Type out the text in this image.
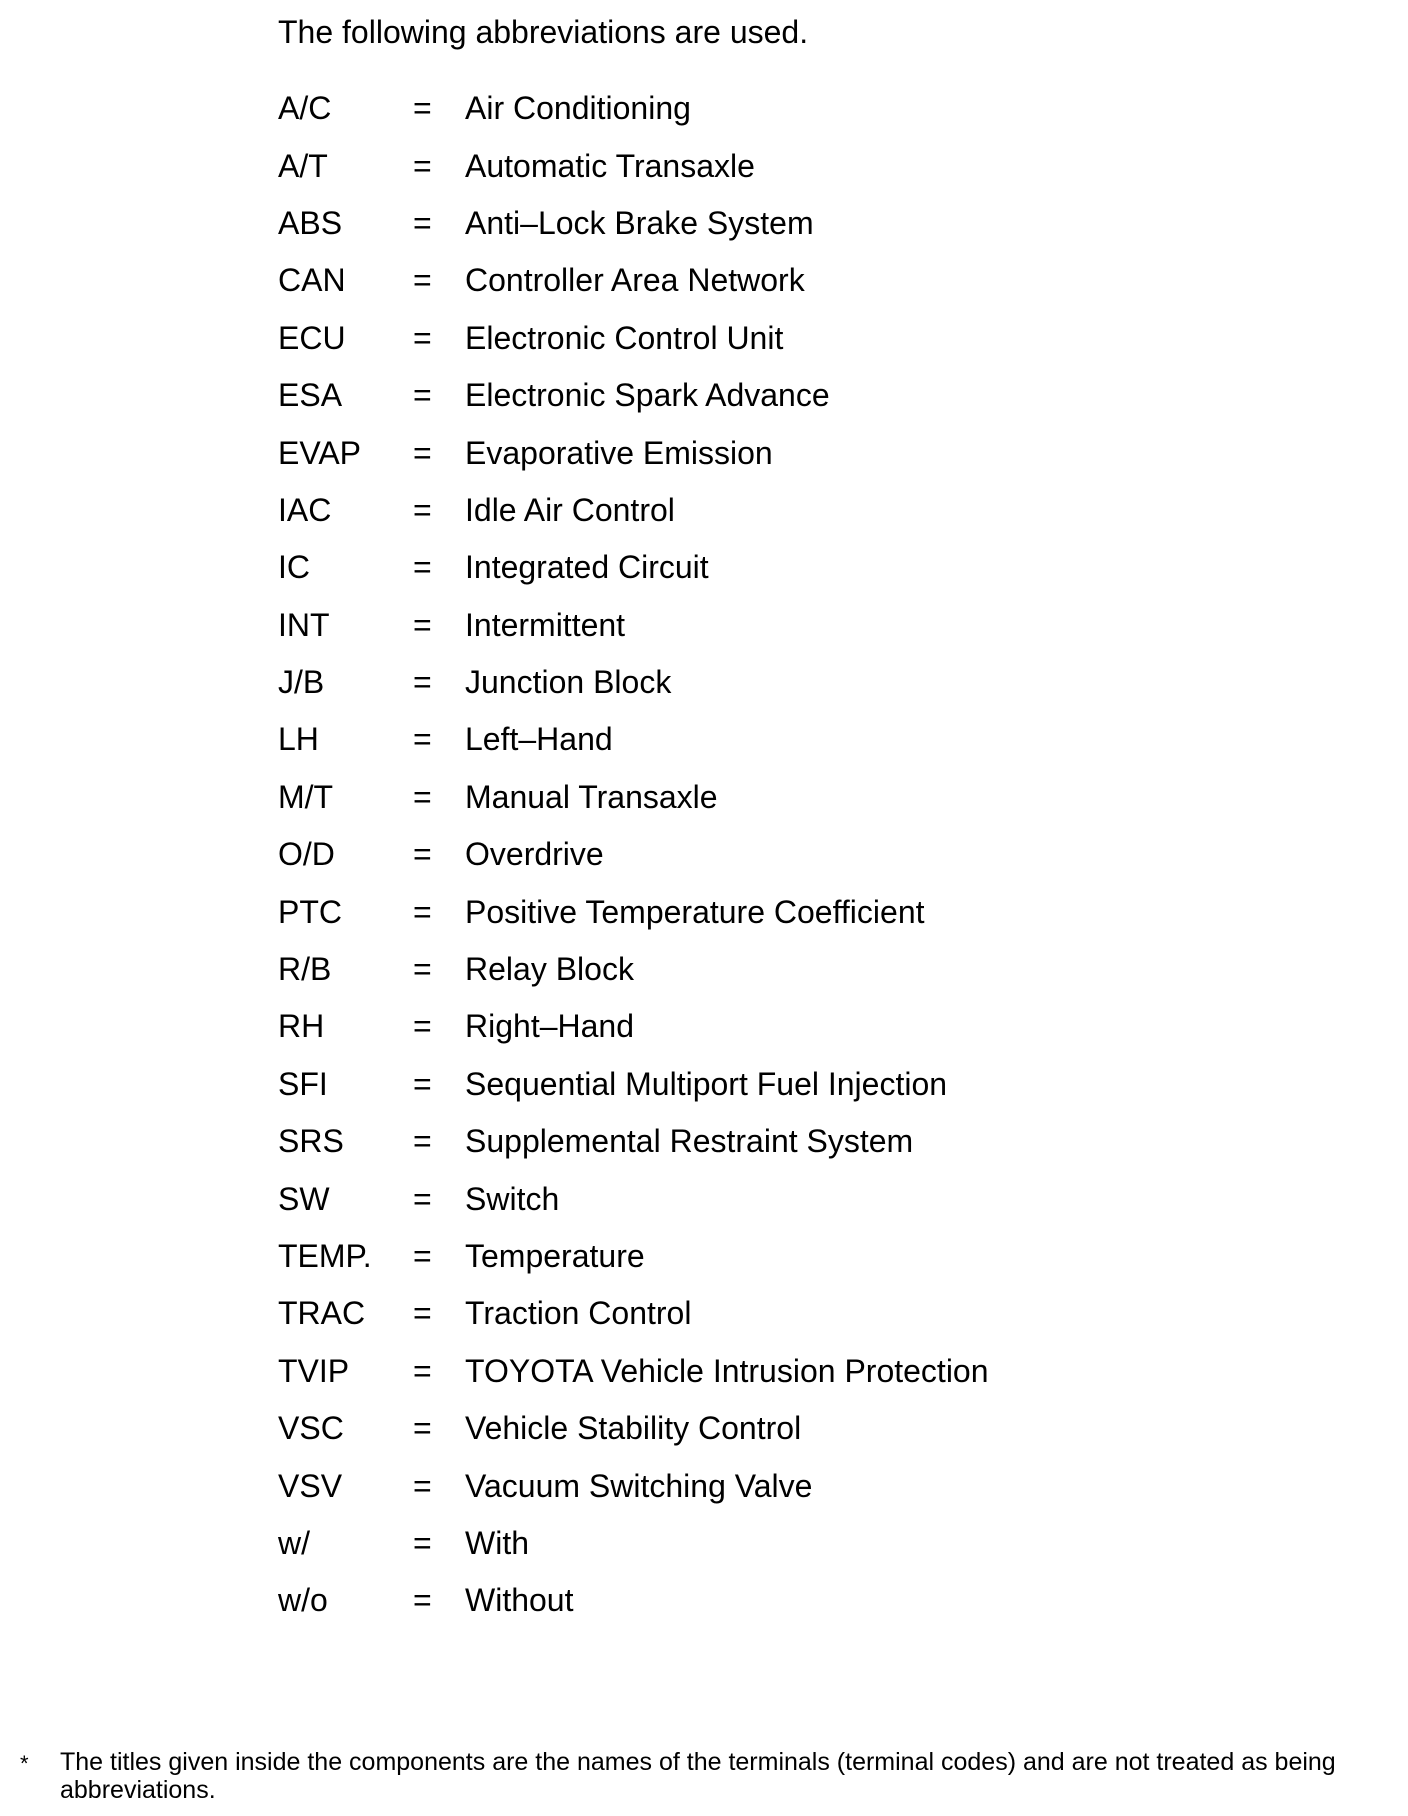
The following abbreviations are used.
A/C	=	Air Conditioning
A/T	=	Automatic Transaxle
ABS	=	Anti–Lock Brake System
CAN	=	Controller Area Network
ECU	=	Electronic Control Unit
ESA	=	Electronic Spark Advance
EVAP	=	Evaporative Emission
IAC	=	Idle Air Control
IC	=	Integrated Circuit
INT	=	Intermittent
J/B	=	Junction Block
LH	=	Left–Hand
M/T	=	Manual Transaxle
O/D	=	Overdrive
PTC	=	Positive Temperature Coefficient
R/B	=	Relay Block
RH	=	Right–Hand
SFI	=	Sequential Multiport Fuel Injection
SRS	=	Supplemental Restraint System
SW	=	Switch
TEMP.	=	Temperature
TRAC	=	Traction Control
TVIP	=	TOYOTA Vehicle Intrusion Protection
VSC	=	Vehicle Stability Control
VSV	=	Vacuum Switching Valve
w/	=	With
w/o	=	Without
*	The titles given inside the components are the names of the terminals (terminal codes) and are not treated as being abbreviations.
